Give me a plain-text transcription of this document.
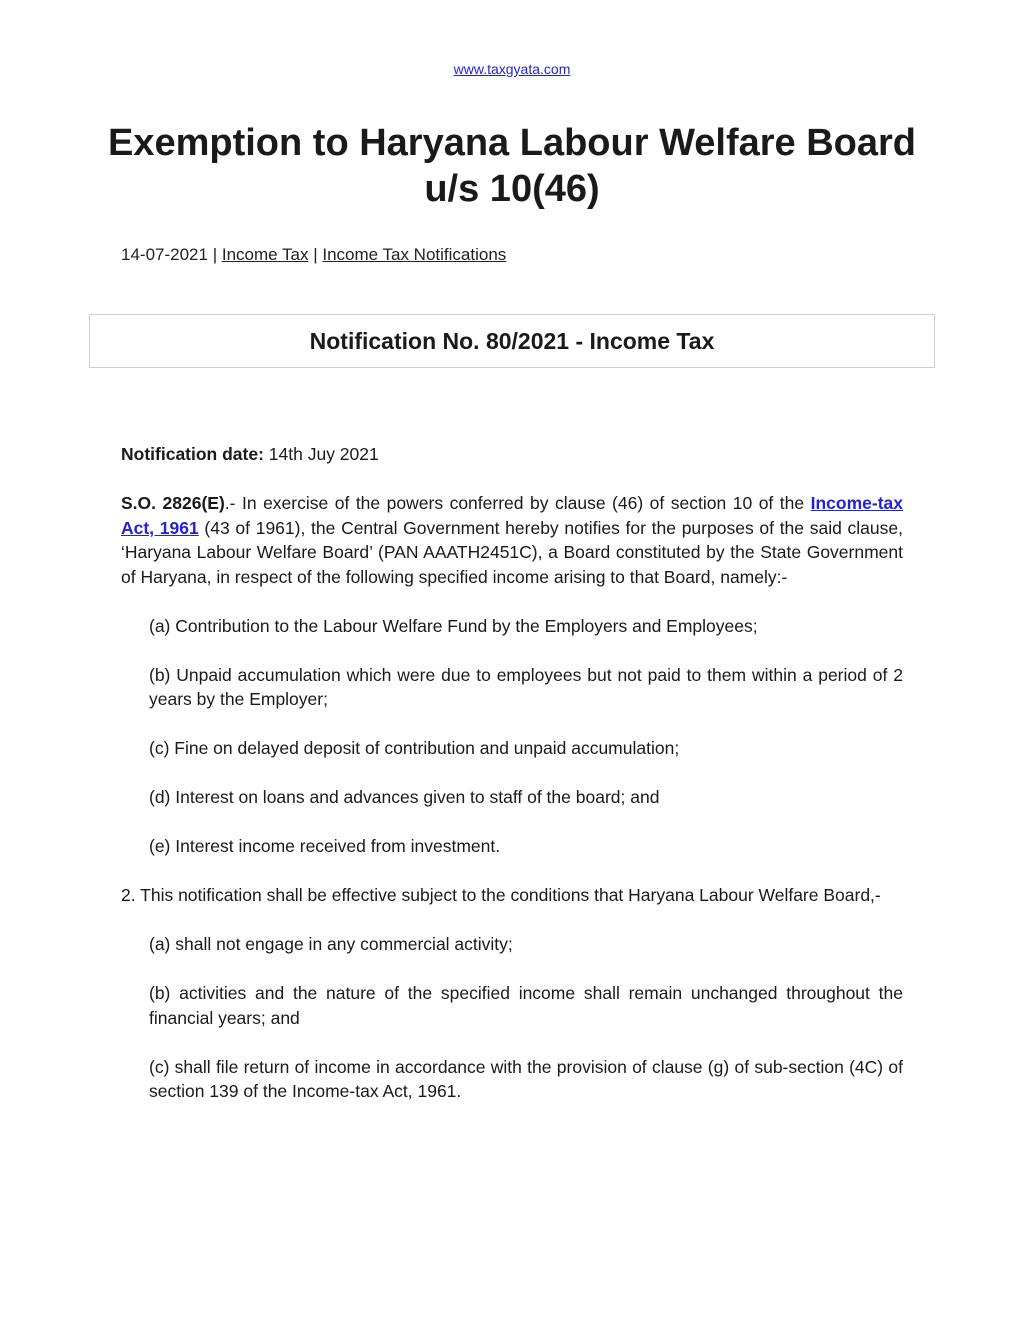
www.taxgyata.com
Exemption to Haryana Labour Welfare Board
u/s 10(46)
14-07-2021 | Income Tax | Income Tax Notifications
Notification No. 80/2021 - Income Tax

Notification date: 14th Juy 2021

S.O. 2826(E).- In exercise of the powers conferred by clause (46) of section 10 of the Income-tax Act, 1961 (43 of 1961), the Central Government hereby notifies for the purposes of the said clause, ‘Haryana Labour Welfare Board’ (PAN AAATH2451C), a Board constituted by the State Government of Haryana, in respect of the following specified income arising to that Board, namely:-

(a) Contribution to the Labour Welfare Fund by the Employers and Employees;

(b) Unpaid accumulation which were due to employees but not paid to them within a period of 2 years by the Employer;

(c) Fine on delayed deposit of contribution and unpaid accumulation;

(d) Interest on loans and advances given to staff of the board; and

(e) Interest income received from investment.

2. This notification shall be effective subject to the conditions that Haryana Labour Welfare Board,-

(a) shall not engage in any commercial activity;

(b) activities and the nature of the specified income shall remain unchanged throughout the financial years; and

(c) shall file return of income in accordance with the provision of clause (g) of sub-section (4C) of section 139 of the Income-tax Act, 1961.
